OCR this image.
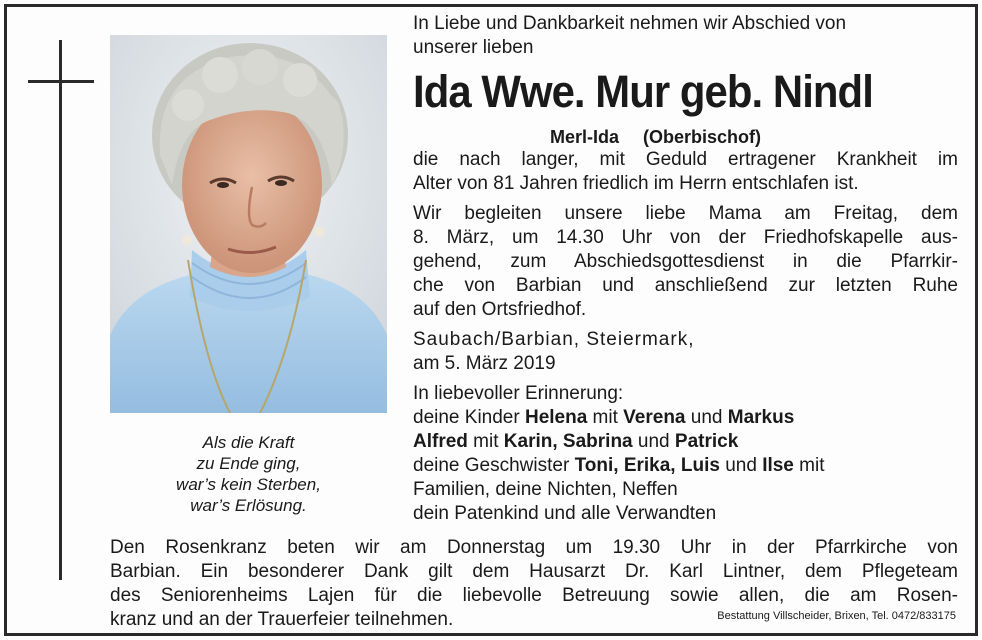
Als die Kraft
zu Ende ging,
war’s kein Sterben,
war’s Erlösung.
In Liebe und Dankbarkeit nehmen wir Abschied von
unserer lieben
Ida Wwe. Mur geb. Nindl
Merl-Ida (Oberbischof)
die nach langer, mit Geduld ertragener Krankheit im
Alter von 81 Jahren friedlich im Herrn entschlafen ist.
Wir begleiten unsere liebe Mama am Freitag, dem
8. März, um 14.30 Uhr von der Friedhofskapelle aus-
gehend, zum Abschiedsgottesdienst in die Pfarrkir-
che von Barbian und anschließend zur letzten Ruhe
auf den Ortsfriedhof.
Saubach/Barbian, Steiermark,
am 5. März 2019
In liebevoller Erinnerung:
deine Kinder Helena mit Verena und Markus
Alfred mit Karin, Sabrina und Patrick
deine Geschwister Toni, Erika, Luis und Ilse mit
Familien, deine Nichten, Neffen
dein Patenkind und alle Verwandten
Den Rosenkranz beten wir am Donnerstag um 19.30 Uhr in der Pfarrkirche von
Barbian. Ein besonderer Dank gilt dem Hausarzt Dr. Karl Lintner, dem Pflegeteam
des Seniorenheims Lajen für die liebevolle Betreuung sowie allen, die am Rosen-
kranz und an der Trauerfeier teilnehmen.	Bestattung Villscheider, Brixen, Tel. 0472/833175
